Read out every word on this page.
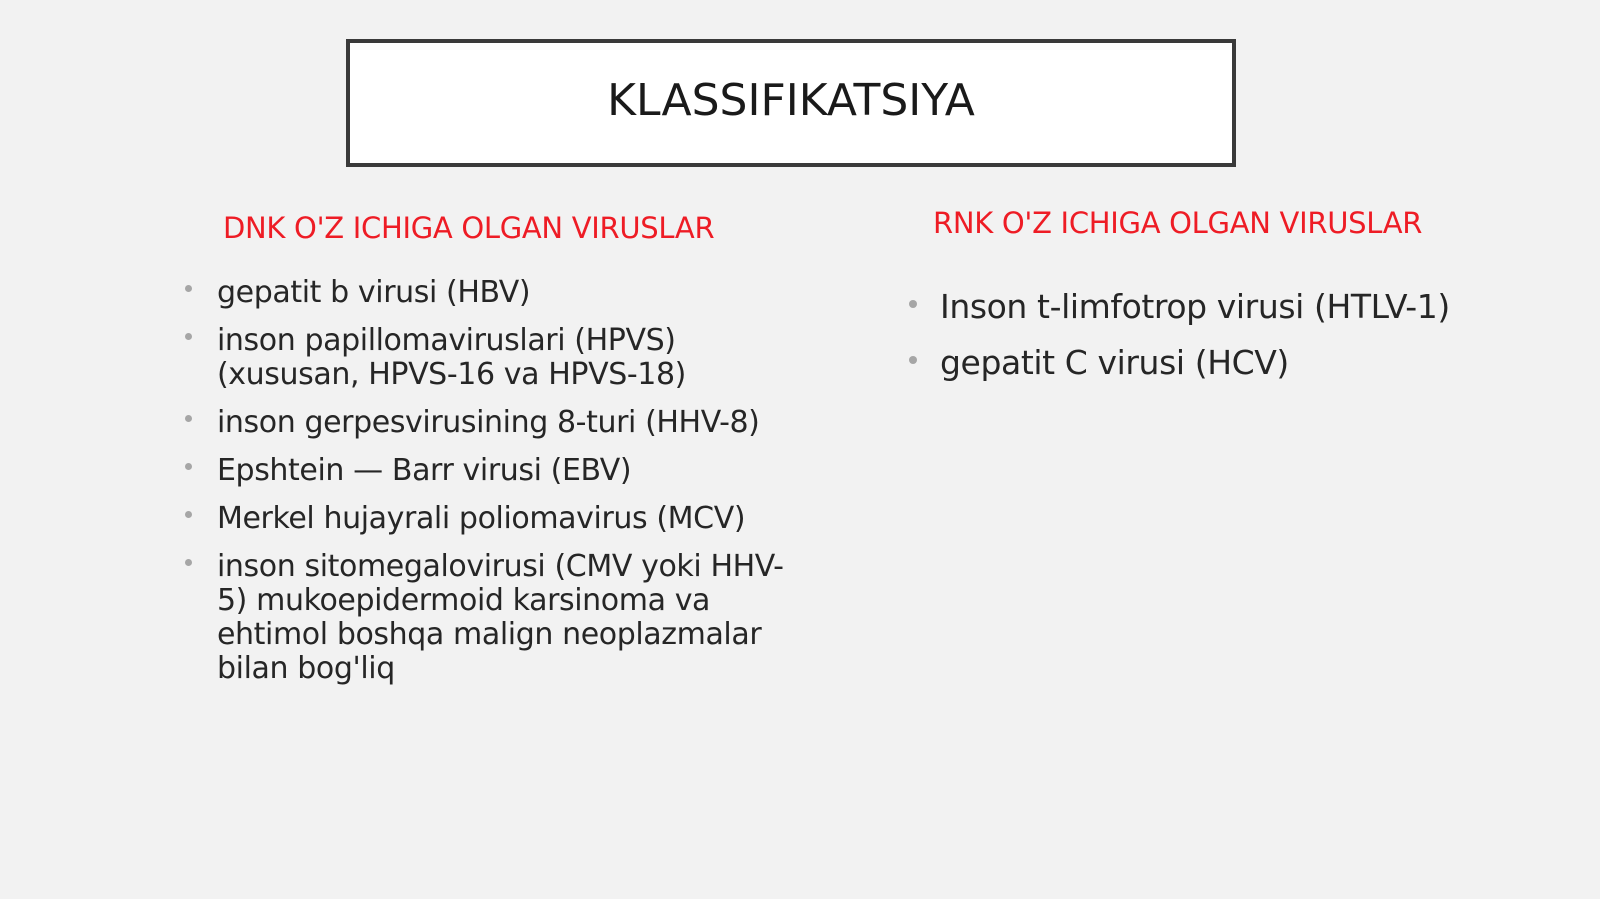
KLASSIFIKATSIYA
DNK O'Z ICHIGA OLGAN VIRUSLAR	RNK O'Z ICHIGA OLGAN VIRUSLAR
gepatit b virusi (HBV)
inson papillomaviruslari (HPVS) (xususan, HPVS-16 va HPVS-18)
inson gerpesvirusining 8-turi (HHV-8)
Epshtein — Barr virusi (EBV)
Merkel hujayrali poliomavirus (MCV)
inson sitomegalovirusi (CMV yoki HHV-5) mukoepidermoid karsinoma va ehtimol boshqa malign neoplazmalar bilan bog'liq
Inson t-limfotrop virusi (HTLV-1)
gepatit C virusi (HCV)
